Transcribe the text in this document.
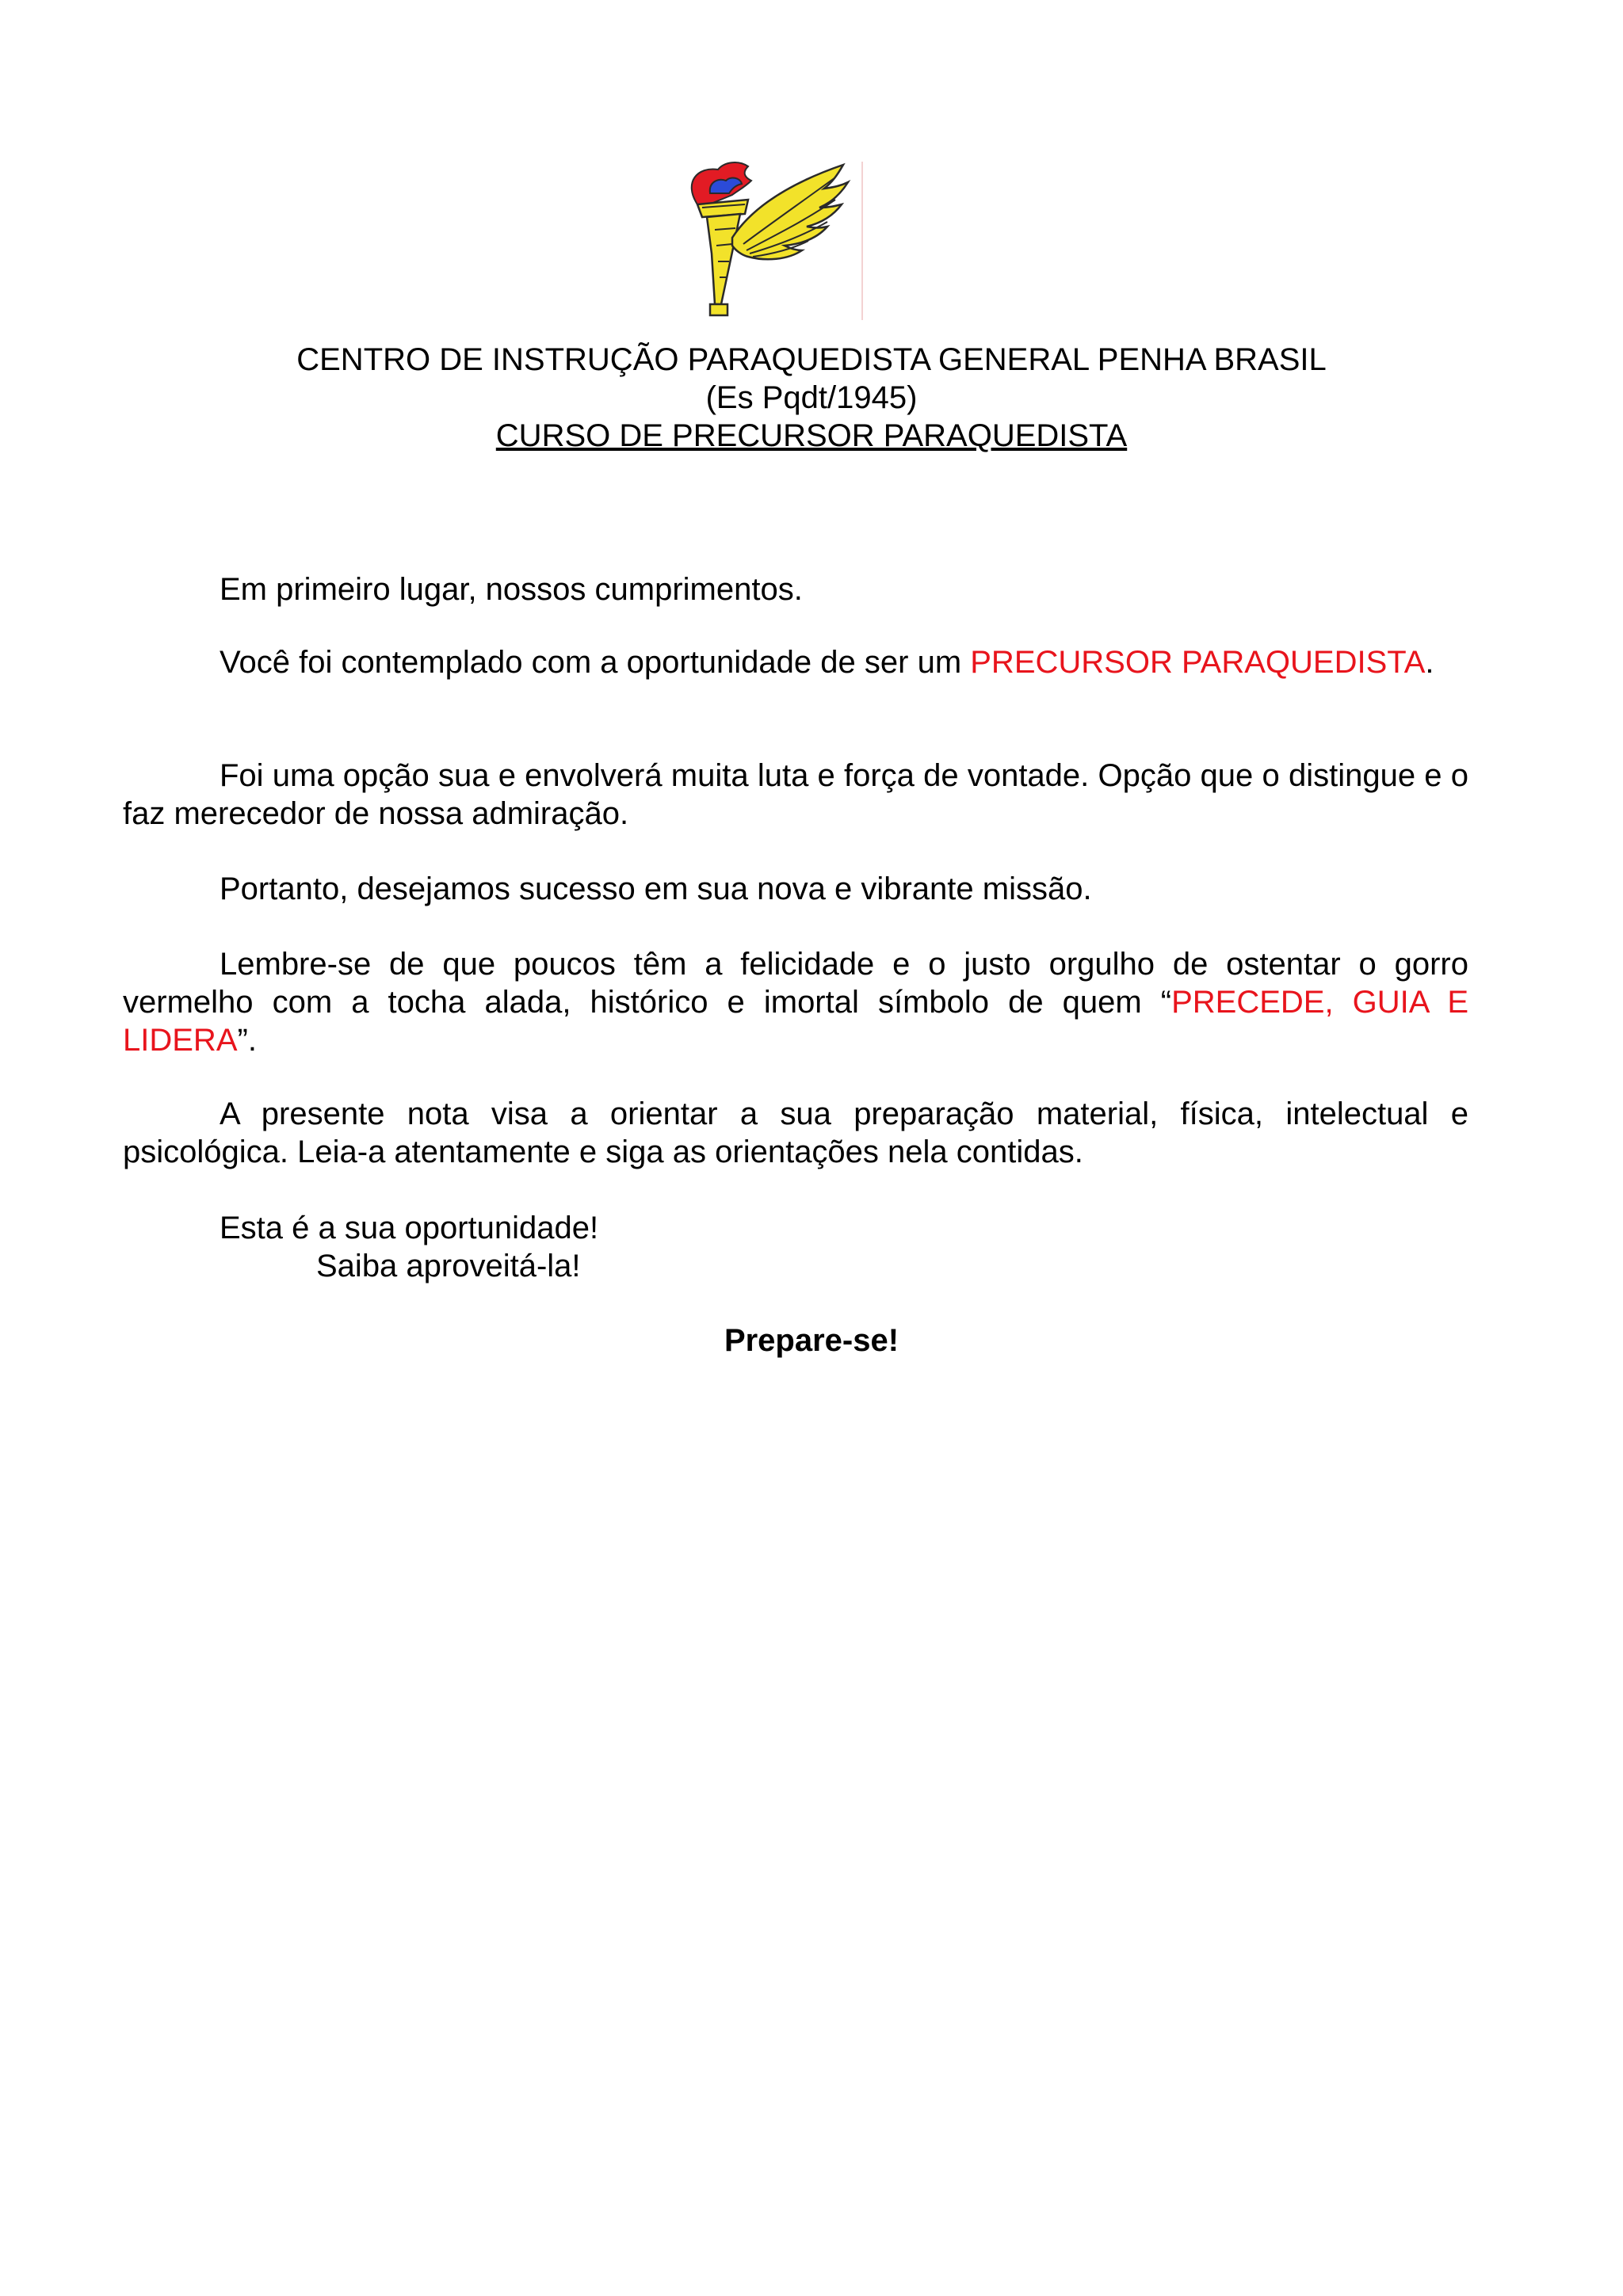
CENTRO DE INSTRUÇÃO PARAQUEDISTA GENERAL PENHA BRASIL
(Es Pqdt/1945)
CURSO DE PRECURSOR PARAQUEDISTA

Em primeiro lugar, nossos cumprimentos.

Você foi contemplado com a oportunidade de ser um PRECURSOR PARAQUEDISTA.

Foi uma opção sua e envolverá muita luta e força de vontade. Opção que o distingue e o faz merecedor de nossa admiração.

Portanto, desejamos sucesso em sua nova e vibrante missão.

Lembre-se de que poucos têm a felicidade e o justo orgulho de ostentar o gorro vermelho com a tocha alada, histórico e imortal símbolo de quem “PRECEDE, GUIA E LIDERA”.

A presente nota visa a orientar a sua preparação material, física, intelectual e psicológica. Leia-a atentamente e siga as orientações nela contidas.

Esta é a sua oportunidade!

Saiba aproveitá-la!

Prepare-se!
